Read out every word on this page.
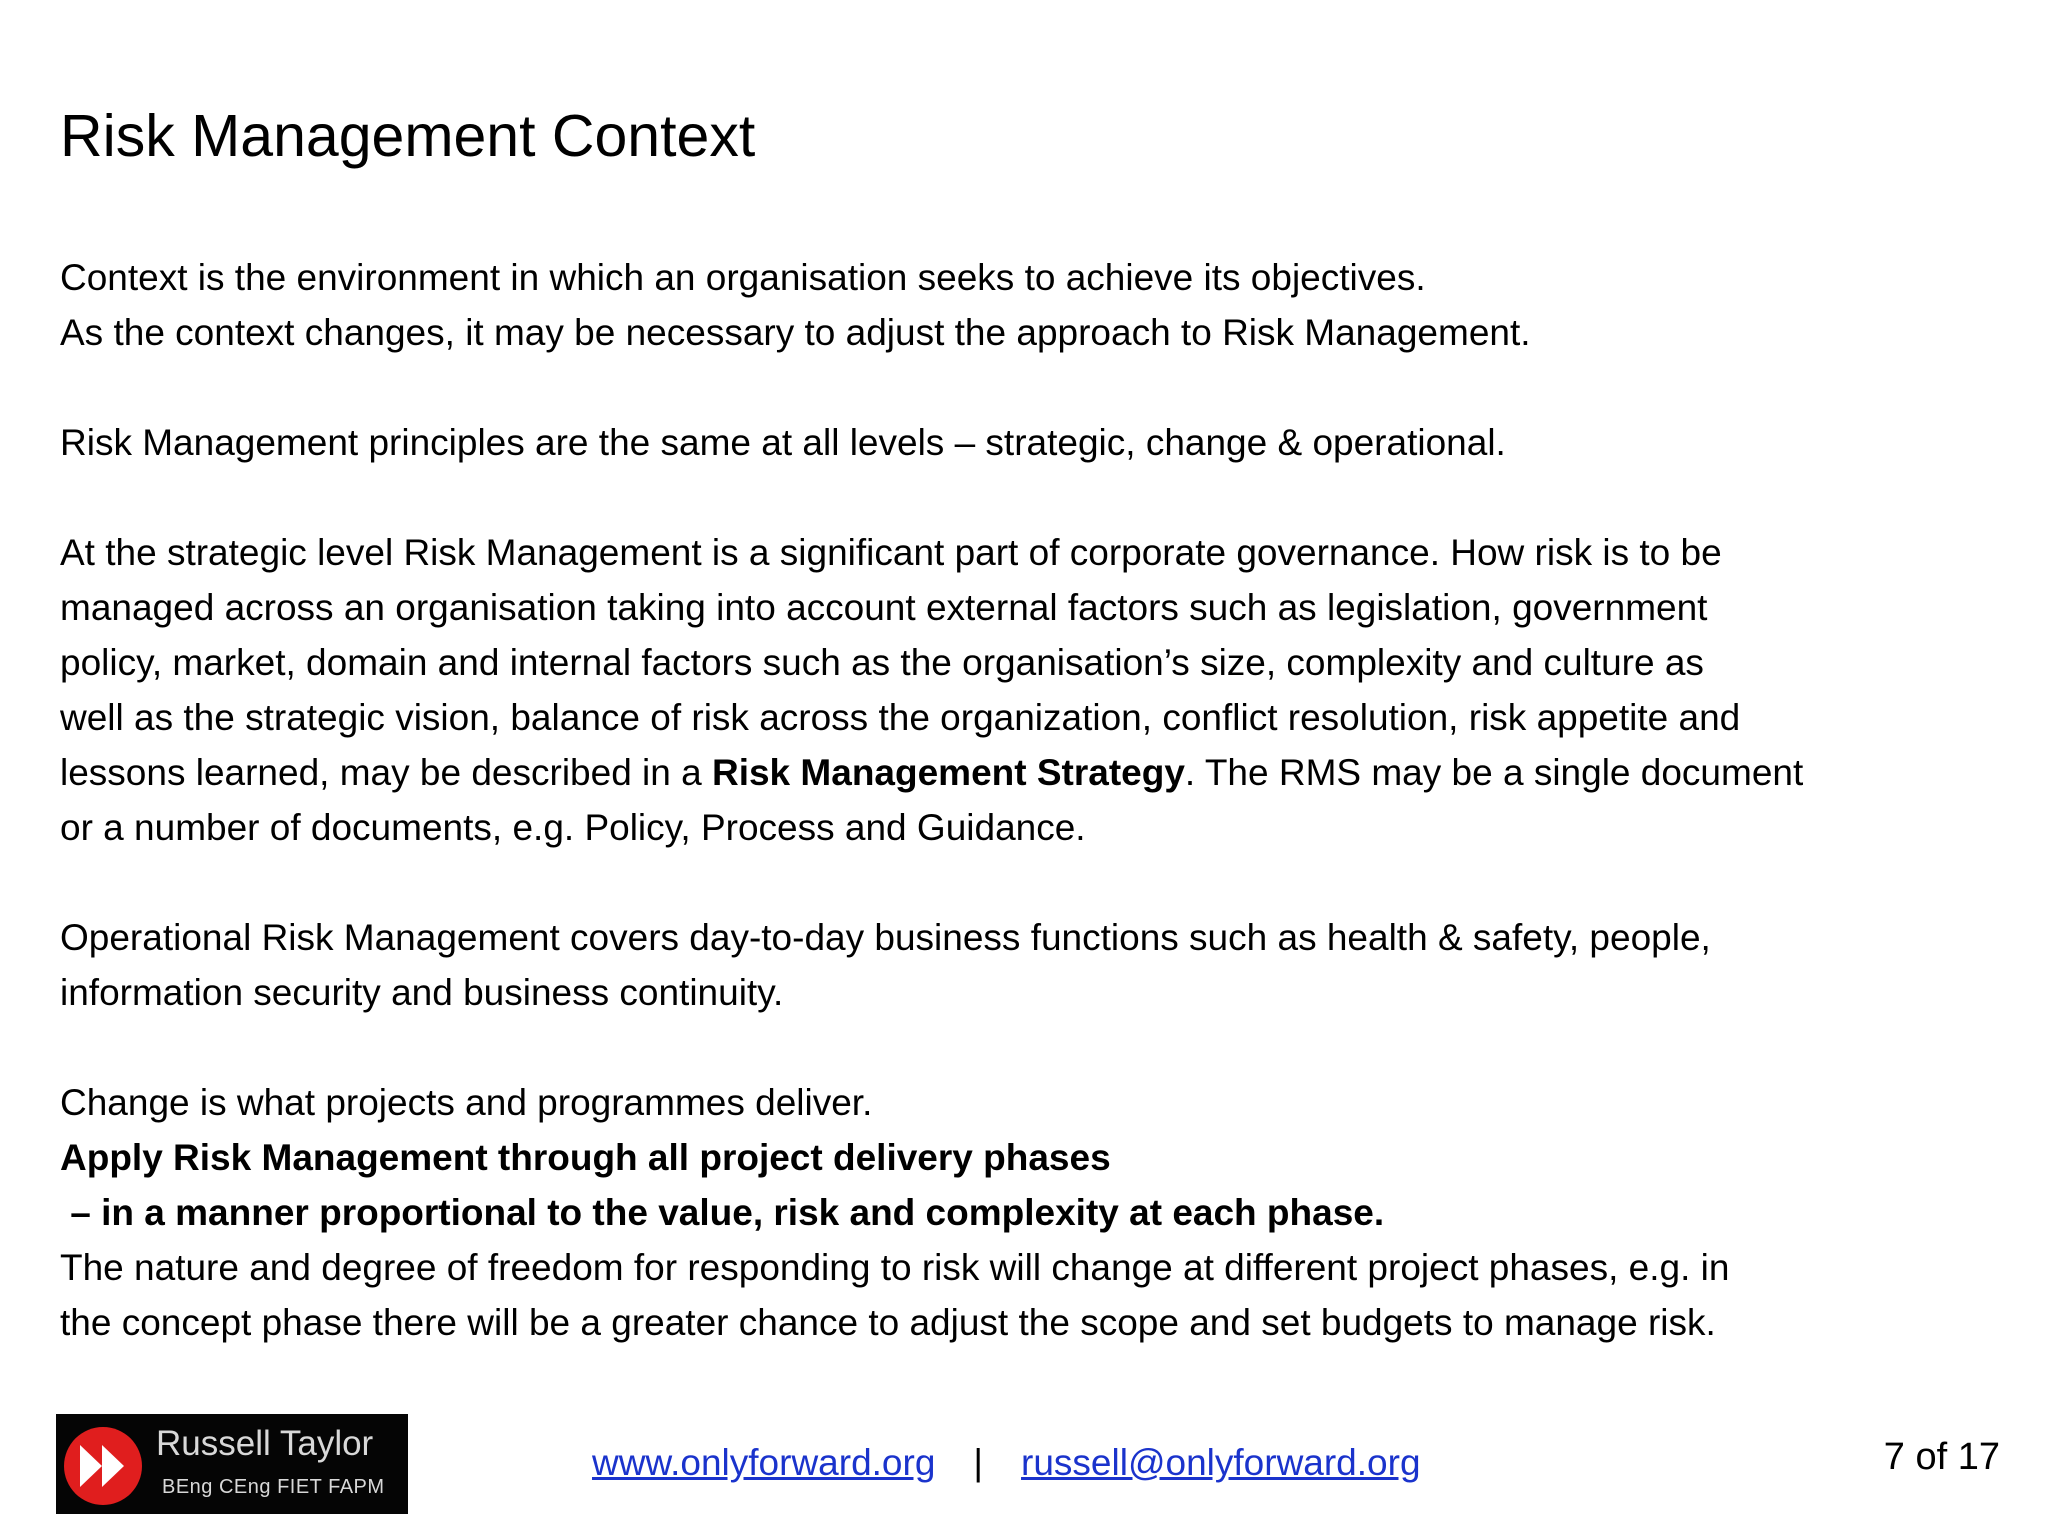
Risk Management Context
Context is the environment in which an organisation seeks to achieve its objectives.
As the context changes, it may be necessary to adjust the approach to Risk Management.
Risk Management principles are the same at all levels – strategic, change & operational.
At the strategic level Risk Management is a significant part of corporate governance. How risk is to be
managed across an organisation taking into account external factors such as legislation, government
policy, market, domain and internal factors such as the organisation’s size, complexity and culture as
well as the strategic vision, balance of risk across the organization, conflict resolution, risk appetite and
lessons learned, may be described in a Risk Management Strategy. The RMS may be a single document
or a number of documents, e.g. Policy, Process and Guidance.
Operational Risk Management covers day-to-day business functions such as health & safety, people,
information security and business continuity.
Change is what projects and programmes deliver.
Apply Risk Management through all project delivery phases
– in a manner proportional to the value, risk and complexity at each phase.
The nature and degree of freedom for responding to risk will change at different project phases, e.g. in
the concept phase there will be a greater chance to adjust the scope and set budgets to manage risk.
Russell Taylor
BEng CEng FIET FAPM
www.onlyforward.org | russell@onlyforward.org	7 of 17
